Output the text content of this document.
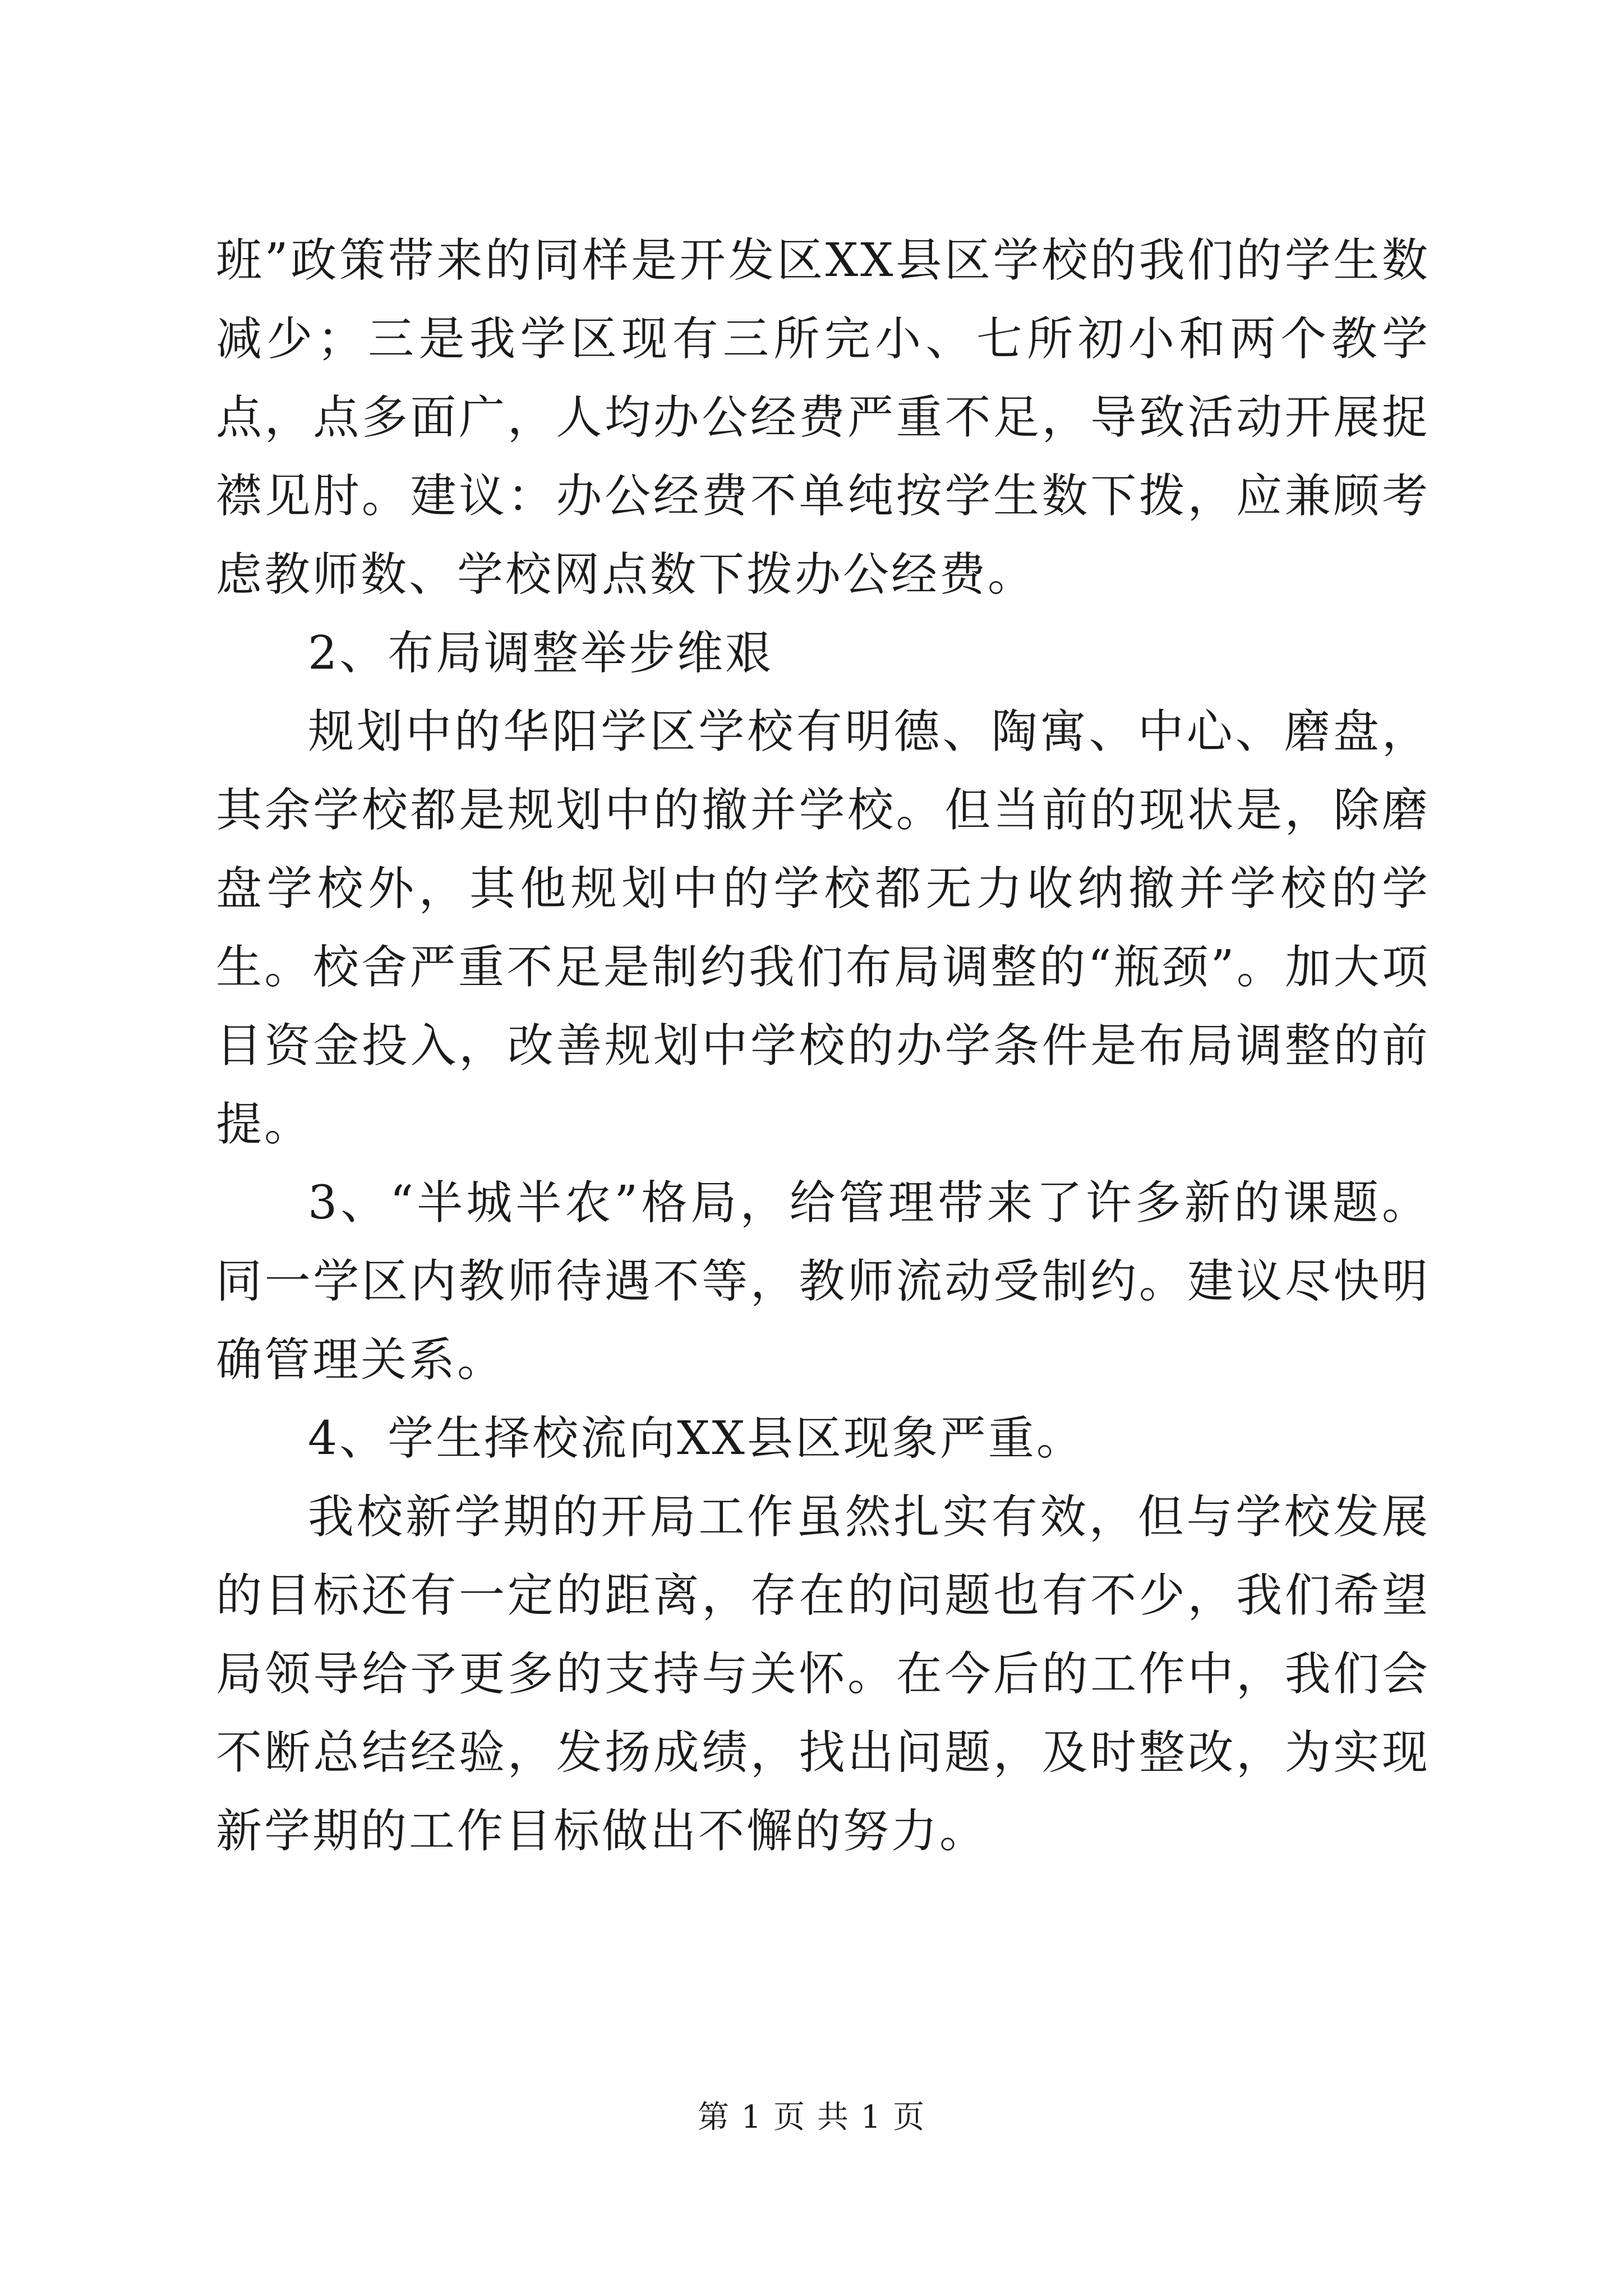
班”政策带来的同样是开发区XX县区学校的我们的学生数减少；三是我学区现有三所完小、七所初小和两个教学点，点多面广，人均办公经费严重不足，导致活动开展捉襟见肘。建议：办公经费不单纯按学生数下拨，应兼顾考虑教师数、学校网点数下拨办公经费。

2、布局调整举步维艰

规划中的华阳学区学校有明德、陶寓、中心、磨盘，其余学校都是规划中的撤并学校。但当前的现状是，除磨盘学校外，其他规划中的学校都无力收纳撤并学校的学生。校舍严重不足是制约我们布局调整的“瓶颈”。加大项目资金投入，改善规划中学校的办学条件是布局调整的前提。

3、“半城半农”格局，给管理带来了许多新的课题。同一学区内教师待遇不等，教师流动受制约。建议尽快明确管理关系。

4、学生择校流向XX县区现象严重。

我校新学期的开局工作虽然扎实有效，但与学校发展的目标还有一定的距离，存在的问题也有不少，我们希望局领导给予更多的支持与关怀。在今后的工作中，我们会不断总结经验，发扬成绩，找出问题，及时整改，为实现新学期的工作目标做出不懈的努力。

第 1 页 共 1 页
